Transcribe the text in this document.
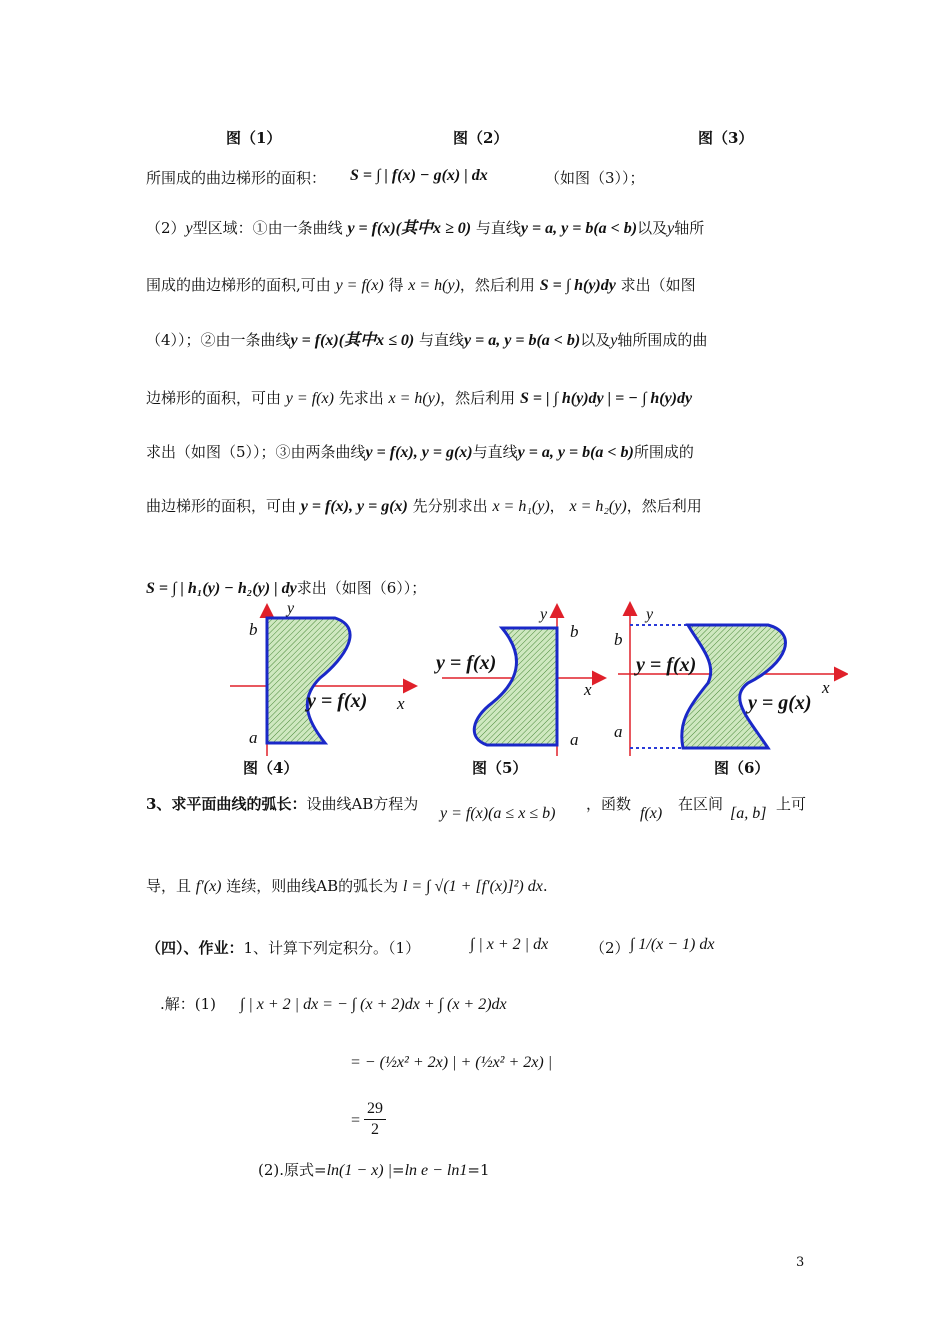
图（1）	图（2）	图（3）
所围成的曲边梯形的面积： S = ∫ | f(x) − g(x) | dx	（如图（3））；
（2）y型区域：①由一条曲线 y = f(x)(其中x ≥ 0) 与直线y = a, y = b(a < b)以及y轴所
围成的曲边梯形的面积,可由 y = f(x) 得 x = h(y)，然后利用 S = ∫ h(y)dy 求出（如图
（4））；②由一条曲线y = f(x)(其中x ≤ 0) 与直线y = a, y = b(a < b)以及y轴所围成的曲
边梯形的面积，可由 y = f(x) 先求出 x = h(y)，然后利用 S = | ∫ h(y)dy | = − ∫ h(y)dy
求出（如图（5））；③由两条曲线y = f(x), y = g(x)与直线y = a, y = b(a < b)所围成的
曲边梯形的面积，可由 y = f(x), y = g(x) 先分别求出 x = h₁(y)， x = h₂(y)，然后利用
S = ∫ | h₁(y) − h₂(y) | dy求出（如图（6））；
y
b
a
x
y = f(x)
图（4）
y
b
a
x
y = f(x)
图（5）
y
b
a
x
y = f(x)
y = g(x)
图（6）
3、求平面曲线的弧长：设曲线AB方程为
y = f(x)(a ≤ x ≤ b)
，函数
f(x)
在区间
[a, b]
上可
导，且 f′(x) 连续，则曲线AB的弧长为 l = ∫ √(1 + [f′(x)]²) dx.
（四）、作业：1、计算下列定积分。（1）	∫ | x + 2 | dx	（2） ∫ 1/(x − 1) dx
.解：(1) ∫ | x + 2 | dx = − ∫ (x + 2)dx + ∫ (x + 2)dx
= − (½x² + 2x) | + (½x² + 2x) |
=
29
2
(2).原式=ln(1 − x) |=ln e − ln1=1
3
